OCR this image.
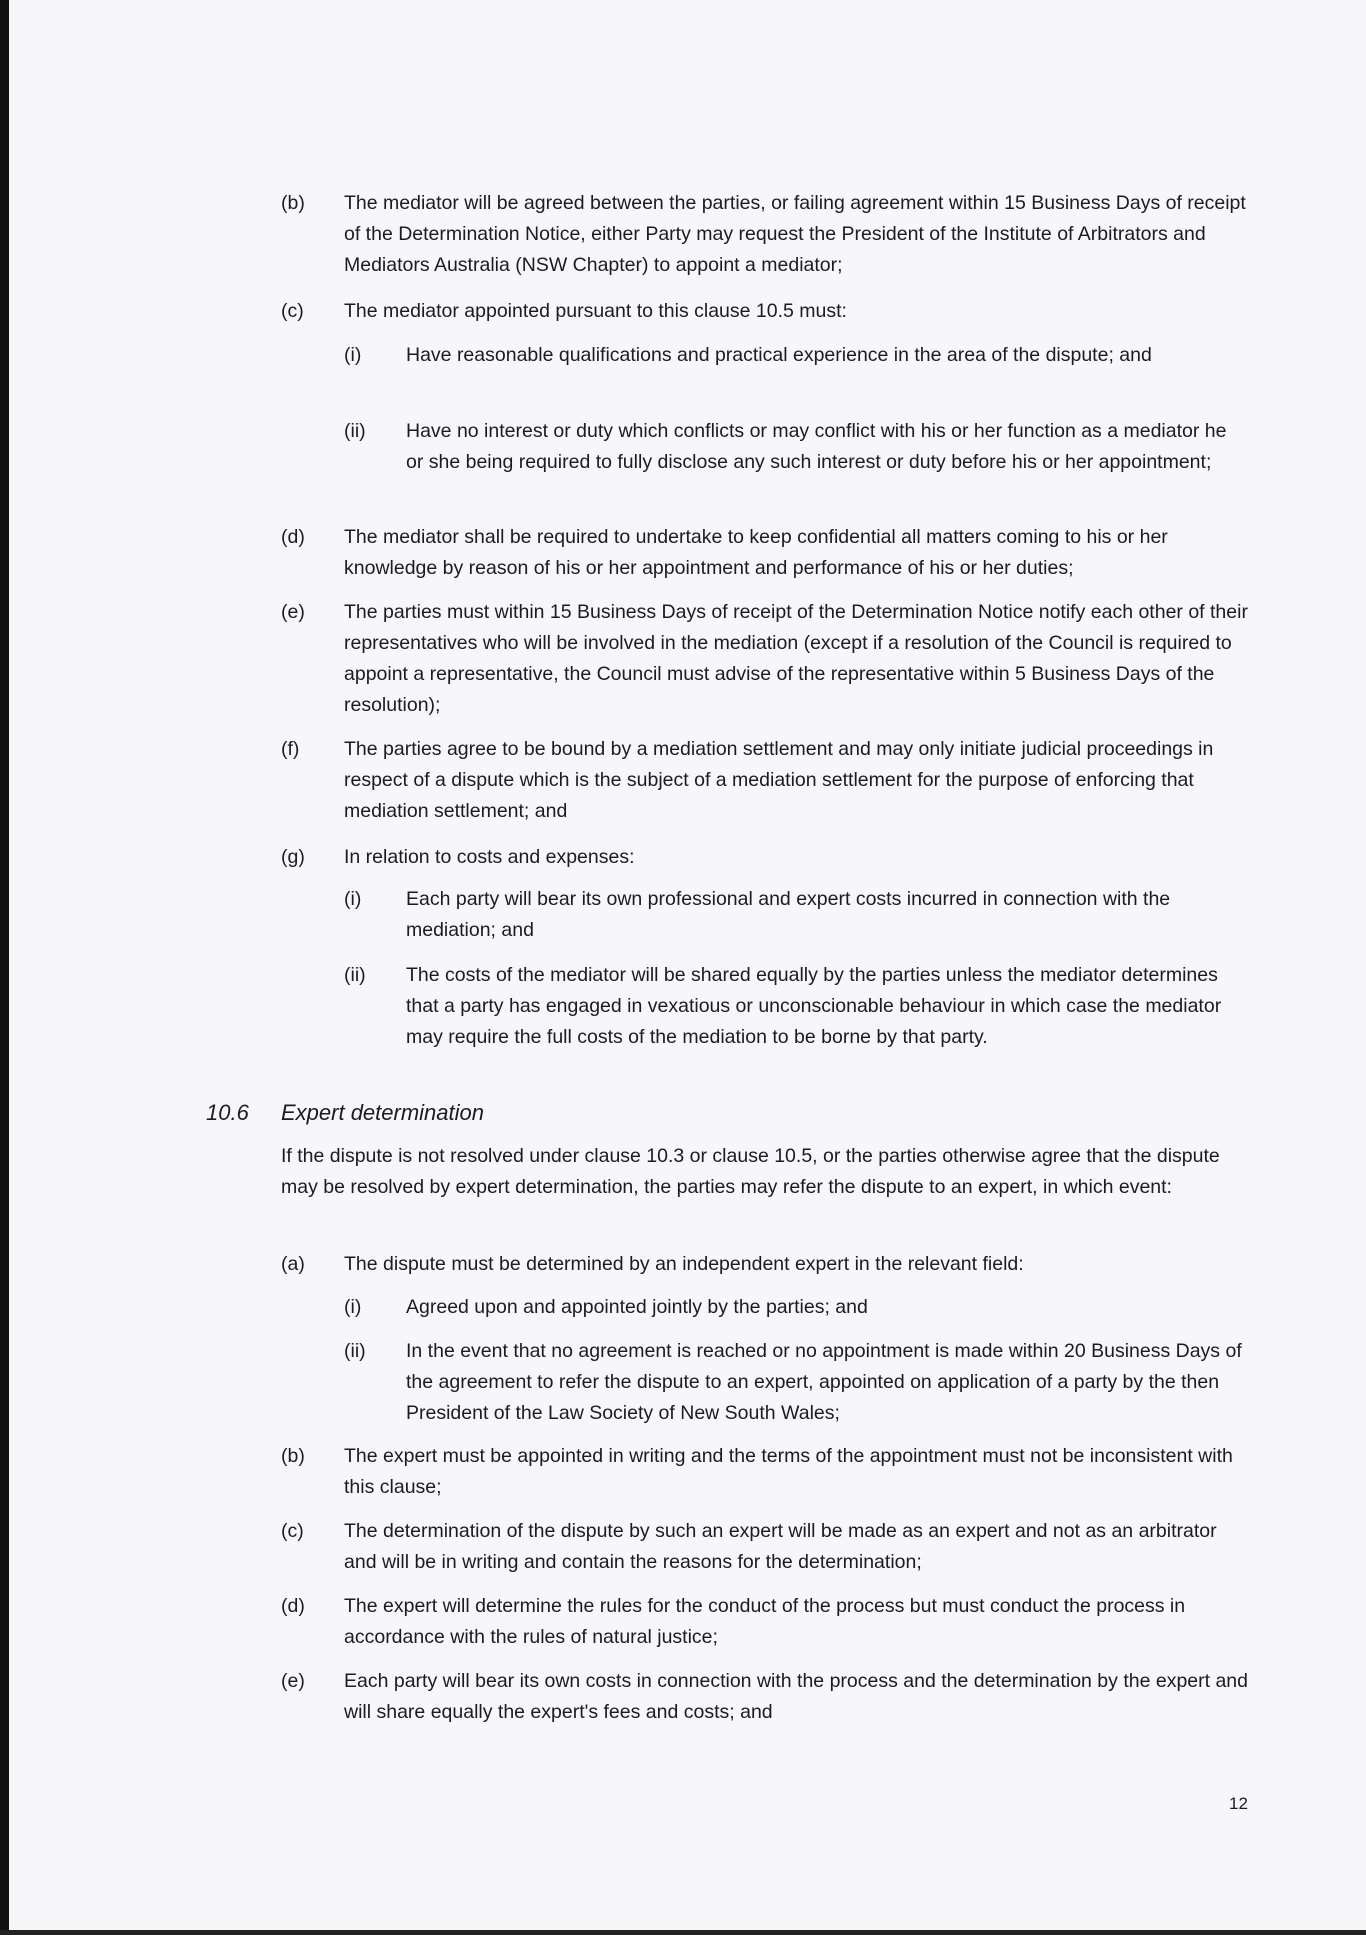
(b) The mediator will be agreed between the parties, or failing agreement within 15 Business Days of receipt of the Determination Notice, either Party may request the President of the Institute of Arbitrators and Mediators Australia (NSW Chapter) to appoint a mediator;
(c) The mediator appointed pursuant to this clause 10.5 must:
(i) Have reasonable qualifications and practical experience in the area of the dispute; and
(ii) Have no interest or duty which conflicts or may conflict with his or her function as a mediator he or she being required to fully disclose any such interest or duty before his or her appointment;
(d) The mediator shall be required to undertake to keep confidential all matters coming to his or her knowledge by reason of his or her appointment and performance of his or her duties;
(e) The parties must within 15 Business Days of receipt of the Determination Notice notify each other of their representatives who will be involved in the mediation (except if a resolution of the Council is required to appoint a representative, the Council must advise of the representative within 5 Business Days of the resolution);
(f) The parties agree to be bound by a mediation settlement and may only initiate judicial proceedings in respect of a dispute which is the subject of a mediation settlement for the purpose of enforcing that mediation settlement; and
(g) In relation to costs and expenses:
(i) Each party will bear its own professional and expert costs incurred in connection with the mediation; and
(ii) The costs of the mediator will be shared equally by the parties unless the mediator determines that a party has engaged in vexatious or unconscionable behaviour in which case the mediator may require the full costs of the mediation to be borne by that party.
10.6 Expert determination
If the dispute is not resolved under clause 10.3 or clause 10.5, or the parties otherwise agree that the dispute may be resolved by expert determination, the parties may refer the dispute to an expert, in which event:
(a) The dispute must be determined by an independent expert in the relevant field:
(i) Agreed upon and appointed jointly by the parties; and
(ii) In the event that no agreement is reached or no appointment is made within 20 Business Days of the agreement to refer the dispute to an expert, appointed on application of a party by the then President of the Law Society of New South Wales;
(b) The expert must be appointed in writing and the terms of the appointment must not be inconsistent with this clause;
(c) The determination of the dispute by such an expert will be made as an expert and not as an arbitrator and will be in writing and contain the reasons for the determination;
(d) The expert will determine the rules for the conduct of the process but must conduct the process in accordance with the rules of natural justice;
(e) Each party will bear its own costs in connection with the process and the determination by the expert and will share equally the expert's fees and costs; and
12
